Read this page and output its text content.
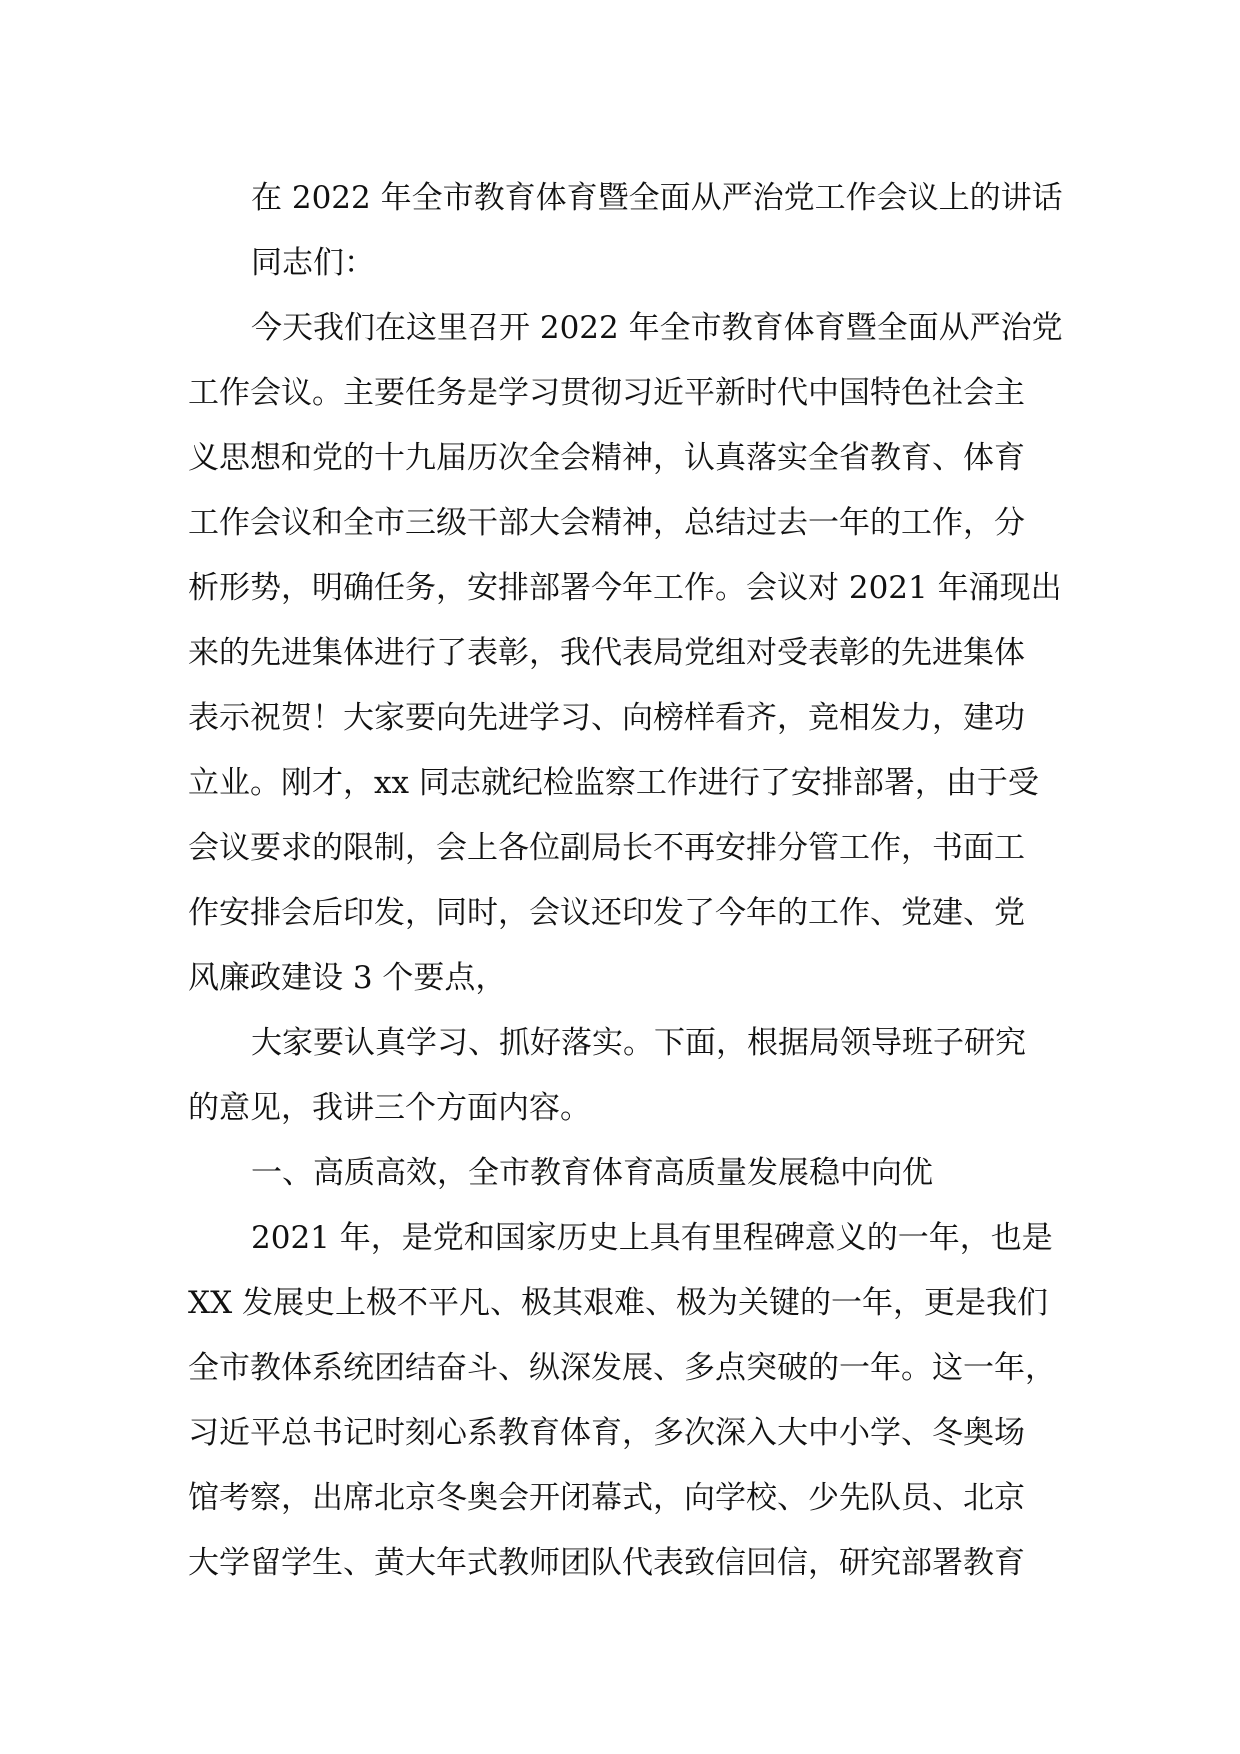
在 2022 年全市教育体育暨全面从严治党工作会议上的讲话
同志们：
今天我们在这里召开 2022 年全市教育体育暨全面从严治党
工作会议。主要任务是学习贯彻习近平新时代中国特色社会主
义思想和党的十九届历次全会精神，认真落实全省教育、体育
工作会议和全市三级干部大会精神，总结过去一年的工作，分
析形势，明确任务，安排部署今年工作。会议对 2021 年涌现出
来的先进集体进行了表彰，我代表局党组对受表彰的先进集体
表示祝贺！大家要向先进学习、向榜样看齐，竞相发力，建功
立业。刚才，xx 同志就纪检监察工作进行了安排部署，由于受
会议要求的限制，会上各位副局长不再安排分管工作，书面工
作安排会后印发，同时，会议还印发了今年的工作、党建、党
风廉政建设 3 个要点，
大家要认真学习、抓好落实。下面，根据局领导班子研究
的意见，我讲三个方面内容。
一、高质高效，全市教育体育高质量发展稳中向优
2021 年，是党和国家历史上具有里程碑意义的一年，也是
XX 发展史上极不平凡、极其艰难、极为关键的一年，更是我们
全市教体系统团结奋斗、纵深发展、多点突破的一年。这一年，
习近平总书记时刻心系教育体育，多次深入大中小学、冬奥场
馆考察，出席北京冬奥会开闭幕式，向学校、少先队员、北京
大学留学生、黄大年式教师团队代表致信回信，研究部署教育
